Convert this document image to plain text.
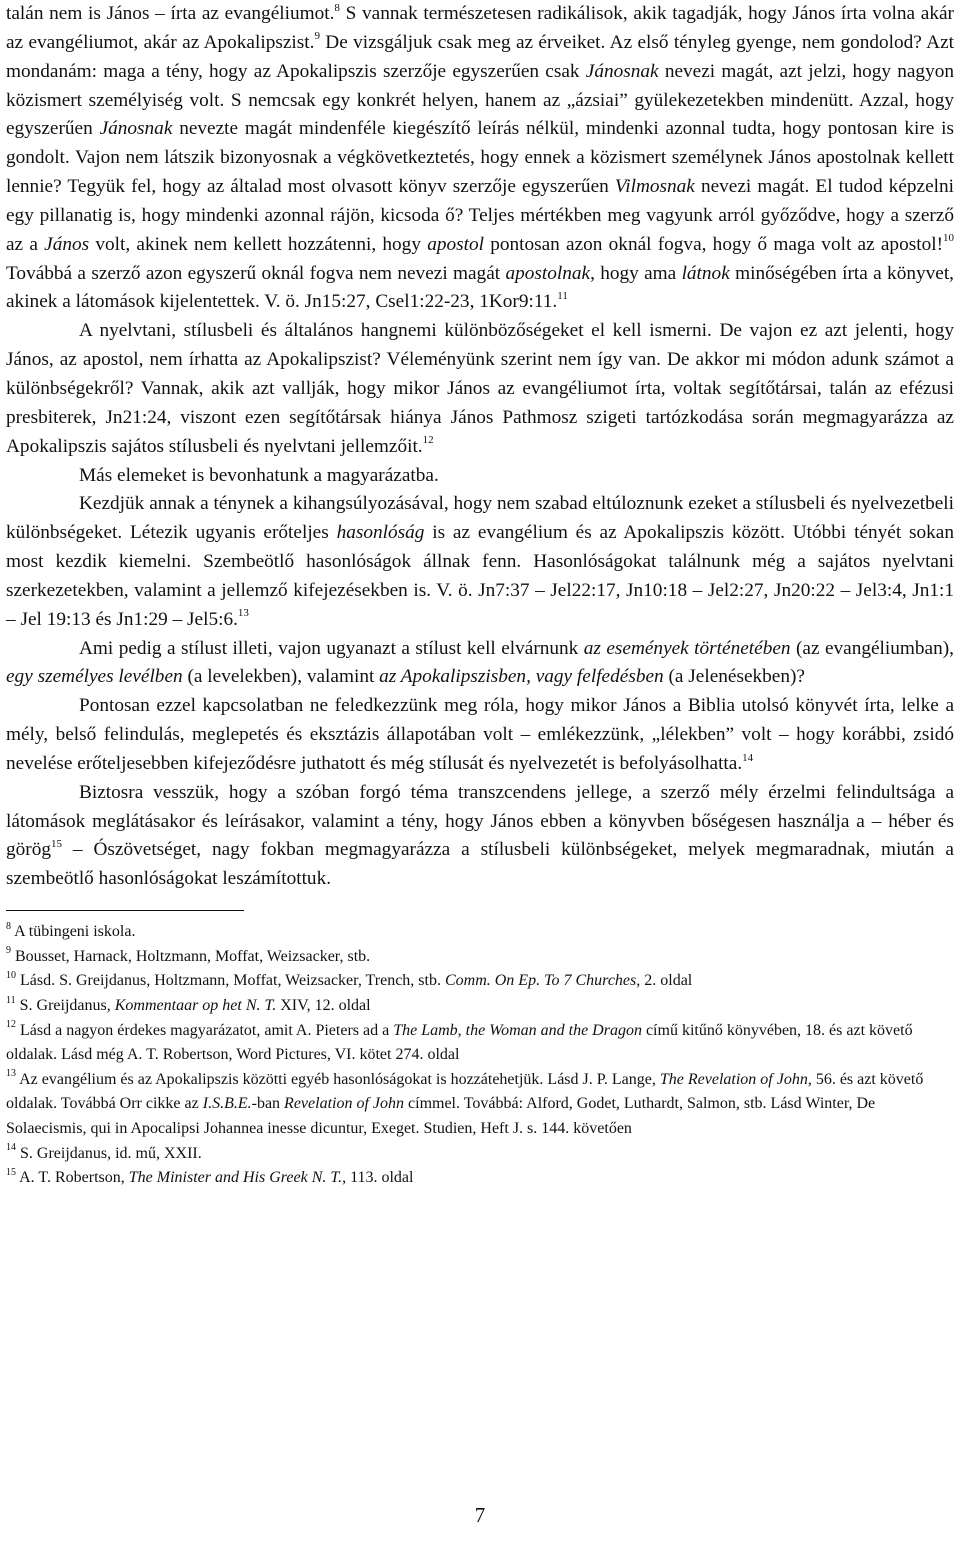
talán nem is János – írta az evangéliumot.$^8$ S vannak természetesen radikálisok, akik tagadják, hogy János írta volna akár az evangéliumot, akár az Apokalipszist.$^9$ De vizsgáljuk csak meg az érveiket. Az első tényleg gyenge, nem gondolod? Azt mondanám: maga a tény, hogy az Apokalipszis szerzője egyszerűen csak Jánosnak nevezi magát, azt jelzi, hogy nagyon közismert személyiség volt. S nemcsak egy konkrét helyen, hanem az „ázsiai” gyülekezetekben mindenütt. Azzal, hogy egyszerűen Jánosnak nevezte magát mindenféle kiegészítő leírás nélkül, mindenki azonnal tudta, hogy pontosan kire is gondolt. Vajon nem látszik bizonyosnak a végkövetkeztetés, hogy ennek a közismert személynek János apostolnak kellett lennie? Tegyük fel, hogy az általad most olvasott könyv szerzője egyszerűen Vilmosnak nevezi magát. El tudod képzelni egy pillanatig is, hogy mindenki azonnal rájön, kicsoda ő? Teljes mértékben meg vagyunk arról győződve, hogy a szerző az a János volt, akinek nem kellett hozzátenni, hogy apostol pontosan azon oknál fogva, hogy ő maga volt az apostol!$^{10}$ Továbbá a szerző azon egyszerű oknál fogva nem nevezi magát apostolnak, hogy ama látnok minőségében írta a könyvet, akinek a látomások kijelentettek. V. ö. Jn15:27, Csel1:22-23, 1Kor9:11.11

A nyelvtani, stílusbeli és általános hangnemi különbözőségeket el kell ismerni. De vajon ez azt jelenti, hogy János, az apostol, nem írhatta az Apokalipszist? Véleményünk szerint nem így van. De akkor mi módon adunk számot a különbségekről? Vannak, akik azt vallják, hogy mikor János az evangéliumot írta, voltak segítőtársai, talán az efézusi presbiterek, Jn21:24, viszont ezen segítőtársak hiánya János Pathmosz szigeti tartózkodása során megmagyarázza az Apokalipszis sajátos stílusbeli és nyelvtani jellemzőit.$^{12}$

Más elemeket is bevonhatunk a magyarázatba.

Kezdjük annak a ténynek a kihangsúlyozásával, hogy nem szabad eltúloznunk ezeket a stílusbeli és nyelvezetbeli különbségeket. Létezik ugyanis erőteljes hasonlóság is az evangélium és az Apokalipszis között. Utóbbi tényét sokan most kezdik kiemelni. Szembeötlő hasonlóságok állnak fenn. Hasonlóságokat találnunk még a sajátos nyelvtani szerkezetekben, valamint a jellemző kifejezésekben is. V. ö. Jn7:37 – Jel22:17, Jn10:18 – Jel2:27, Jn20:22 – Jel3:4, Jn1:1 – Jel 19:13 és Jn1:29 – Jel5:6.13

Ami pedig a stílust illeti, vajon ugyanazt a stílust kell elvárnunk az események történetében (az evangéliumban), egy személyes levélben (a levelekben), valamint az Apokalipszisben, vagy felfedésben (a Jelenésekben)?

Pontosan ezzel kapcsolatban ne feledkezzünk meg róla, hogy mikor János a Biblia utolsó könyvét írta, lelke a mély, belső felindulás, meglepetés és eksztázis állapotában volt – emlékezzünk, „lélekben” volt – hogy korábbi, zsidó nevelése erőteljesebben kifejeződésre juthatott és még stílusát és nyelvezetét is befolyásolhatta.$^{14}$

Biztosra vesszük, hogy a szóban forgó téma transzcendens jellege, a szerző mély érzelmi felindultsága a látomások meglátásakor és leírásakor, valamint a tény, hogy János ebben a könyvben bőségesen használja a – héber és görög$^{15}$ – Ószövetséget, nagy fokban megmagyarázza a stílusbeli különbségeket, melyek megmaradnak, miután a szembeötlő hasonlóságokat leszámítottuk.

$^8$ A tübingeni iskola.

$^9$ Bousset, Harnack, Holtzmann, Moffat, Weizsacker, stb.

$^{10}$ Lásd. S. Greijdanus, Holtzmann, Moffat, Weizsacker, Trench, stb. Comm. On Ep. To 7 Churches, 2. oldal

$^{11}$ S. Greijdanus, Kommentaar op het N. T. XIV, 12. oldal

$^{12}$ Lásd a nagyon érdekes magyarázatot, amit A. Pieters ad a The Lamb, the Woman and the Dragon című kitűnő könyvében, 18. és azt követő oldalak. Lásd még A. T. Robertson, Word Pictures, VI. kötet 274. oldal

$^{13}$ Az evangélium és az Apokalipszis közötti egyéb hasonlóságokat is hozzátehetjük. Lásd J. P. Lange, The Revelation of John, 56. és azt követő oldalak. Továbbá Orr cikke az I.S.B.E.-ban Revelation of John címmel. Továbbá: Alford, Godet, Luthardt, Salmon, stb. Lásd Winter, De Solaecismis, qui in Apocalipsi Johannea inesse dicuntur, Exeget. Studien, Heft J. s. 144. követően

$^{14}$ S. Greijdanus, id. mű, XXII.

$^{15}$ A. T. Robertson, The Minister and His Greek N. T., 113. oldal

7
